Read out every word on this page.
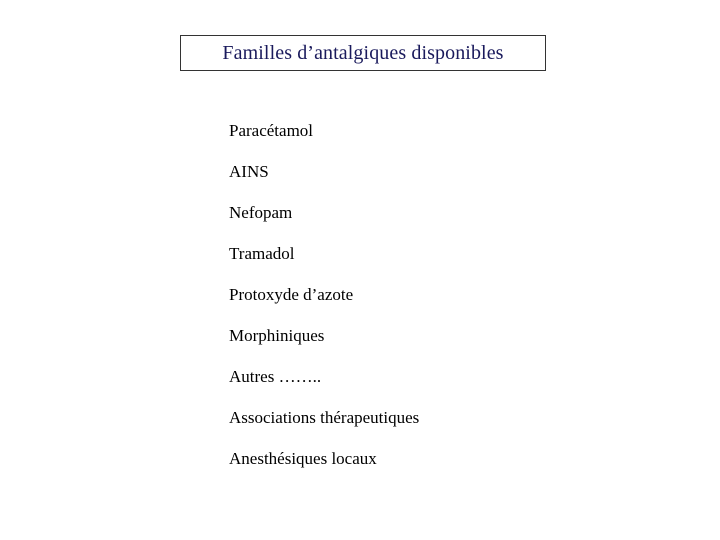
Familles d’antalgiques disponibles
Paracétamol
AINS
Nefopam
Tramadol
Protoxyde d’azote
Morphiniques
Autres ……..
Associations thérapeutiques
Anesthésiques locaux
